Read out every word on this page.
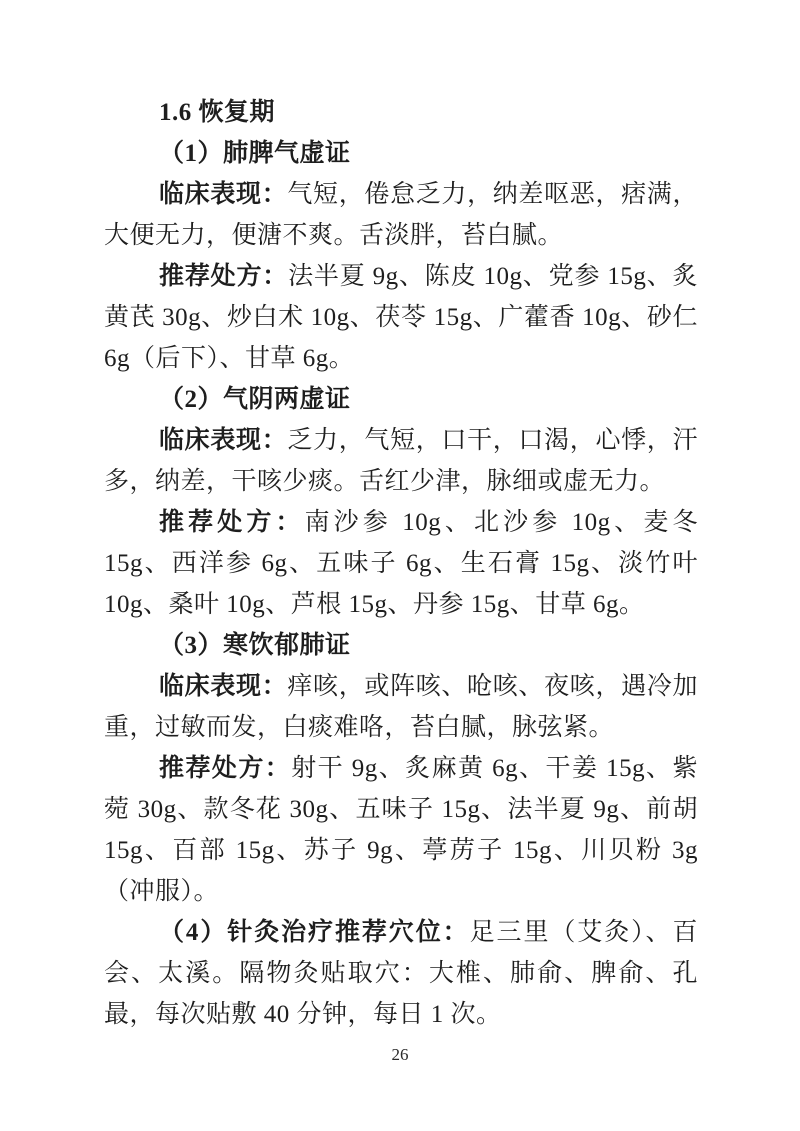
1.6 恢复期

（1）肺脾气虚证

临床表现：气短，倦怠乏力，纳差呕恶，痞满，大便无力，便溏不爽。舌淡胖，苔白腻。

推荐处方：法半夏 9g、陈皮 10g、党参 15g、炙黄芪 30g、炒白术 10g、茯苓 15g、广藿香 10g、砂仁 6g（后下）、甘草 6g。

（2）气阴两虚证

临床表现：乏力，气短，口干，口渴，心悸，汗多，纳差，干咳少痰。舌红少津，脉细或虚无力。

推荐处方：南沙参 10g、北沙参 10g、麦冬 15g、西洋参 6g、五味子 6g、生石膏 15g、淡竹叶 10g、桑叶 10g、芦根 15g、丹参 15g、甘草 6g。

（3）寒饮郁肺证

临床表现：痒咳，或阵咳、呛咳、夜咳，遇冷加重，过敏而发，白痰难咯，苔白腻，脉弦紧。

推荐处方：射干 9g、炙麻黄 6g、干姜 15g、紫菀 30g、款冬花 30g、五味子 15g、法半夏 9g、前胡 15g、百部 15g、苏子 9g、葶苈子 15g、川贝粉 3g（冲服）。

（4）针灸治疗推荐穴位：足三里（艾灸）、百会、太溪。隔物灸贴取穴：大椎、肺俞、脾俞、孔最，每次贴敷 40 分钟，每日 1 次。

26
